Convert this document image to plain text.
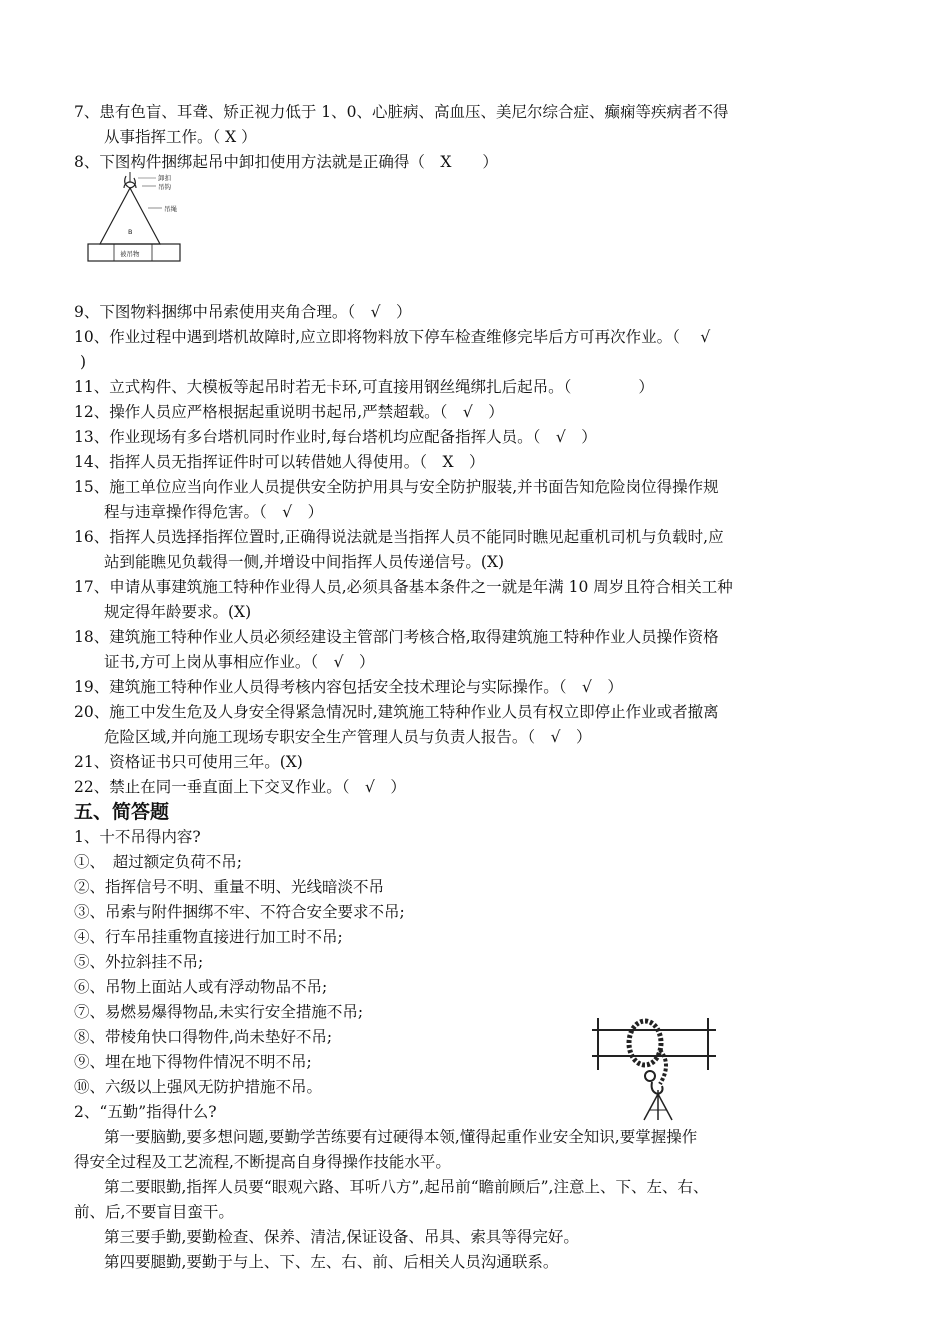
7、患有色盲、耳聋、矫正视力低于 1、0、心脏病、高血压、美尼尔综合症、癫痫等疾病者不得
从事指挥工作。（ X ）
8、下图构件捆绑起吊中卸扣使用方法就是正确得（　X　　）
卸扣
吊钩
吊绳
B
被吊物
9、下图物料捆绑中吊索使用夹角合理。（　√　）
10、作业过程中遇到塔机故障时,应立即将物料放下停车检查维修完毕后方可再次作业。（　 √
)
11、立式构件、大模板等起吊时若无卡环,可直接用钢丝绳绑扎后起吊。（　　　　 ）
12、操作人员应严格根据起重说明书起吊,严禁超载。（　√　）
13、作业现场有多台塔机同时作业时,每台塔机均应配备指挥人员。（　√　）
14、指挥人员无指挥证件时可以转借她人得使用。（　X　）
15、施工单位应当向作业人员提供安全防护用具与安全防护服装,并书面告知危险岗位得操作规
程与违章操作得危害。（　√　）
16、指挥人员选择指挥位置时,正确得说法就是当指挥人员不能同时瞧见起重机司机与负载时,应
站到能瞧见负载得一侧,并增设中间指挥人员传递信号。(X)
17、申请从事建筑施工特种作业得人员,必须具备基本条件之一就是年满 10 周岁且符合相关工种
规定得年龄要求。(X)
18、建筑施工特种作业人员必须经建设主管部门考核合格,取得建筑施工特种作业人员操作资格
证书,方可上岗从事相应作业。（　√　）
19、建筑施工特种作业人员得考核内容包括安全技术理论与实际操作。（　√　）
20、施工中发生危及人身安全得紧急情况时,建筑施工特种作业人员有权立即停止作业或者撤离
危险区域,并向施工现场专职安全生产管理人员与负责人报告。（　√　）
21、资格证书只可使用三年。(X)
22、禁止在同一垂直面上下交叉作业。（　√　）
五、简答题
1、十不吊得内容?
①、　超过额定负荷不吊;
②、指挥信号不明、重量不明、光线暗淡不吊
③、吊索与附件捆绑不牢、不符合安全要求不吊;
④、行车吊挂重物直接进行加工时不吊;
⑤、外拉斜挂不吊;
⑥、吊物上面站人或有浮动物品不吊;
⑦、易燃易爆得物品,未实行安全措施不吊;
⑧、带棱角快口得物件,尚未垫好不吊;
⑨、埋在地下得物件情况不明不吊;
⑩、六级以上强风无防护措施不吊。
2、“五勤”指得什么?
第一要脑勤,要多想问题,要勤学苦练要有过硬得本领,懂得起重作业安全知识,要掌握操作
得安全过程及工艺流程,不断提高自身得操作技能水平。
第二要眼勤,指挥人员要“眼观六路、耳听八方”,起吊前“瞻前顾后”,注意上、下、左、右、
前、后,不要盲目蛮干。
第三要手勤,要勤检查、保养、清洁,保证设备、吊具、索具等得完好。
第四要腿勤,要勤于与上、下、左、右、前、后相关人员沟通联系。
